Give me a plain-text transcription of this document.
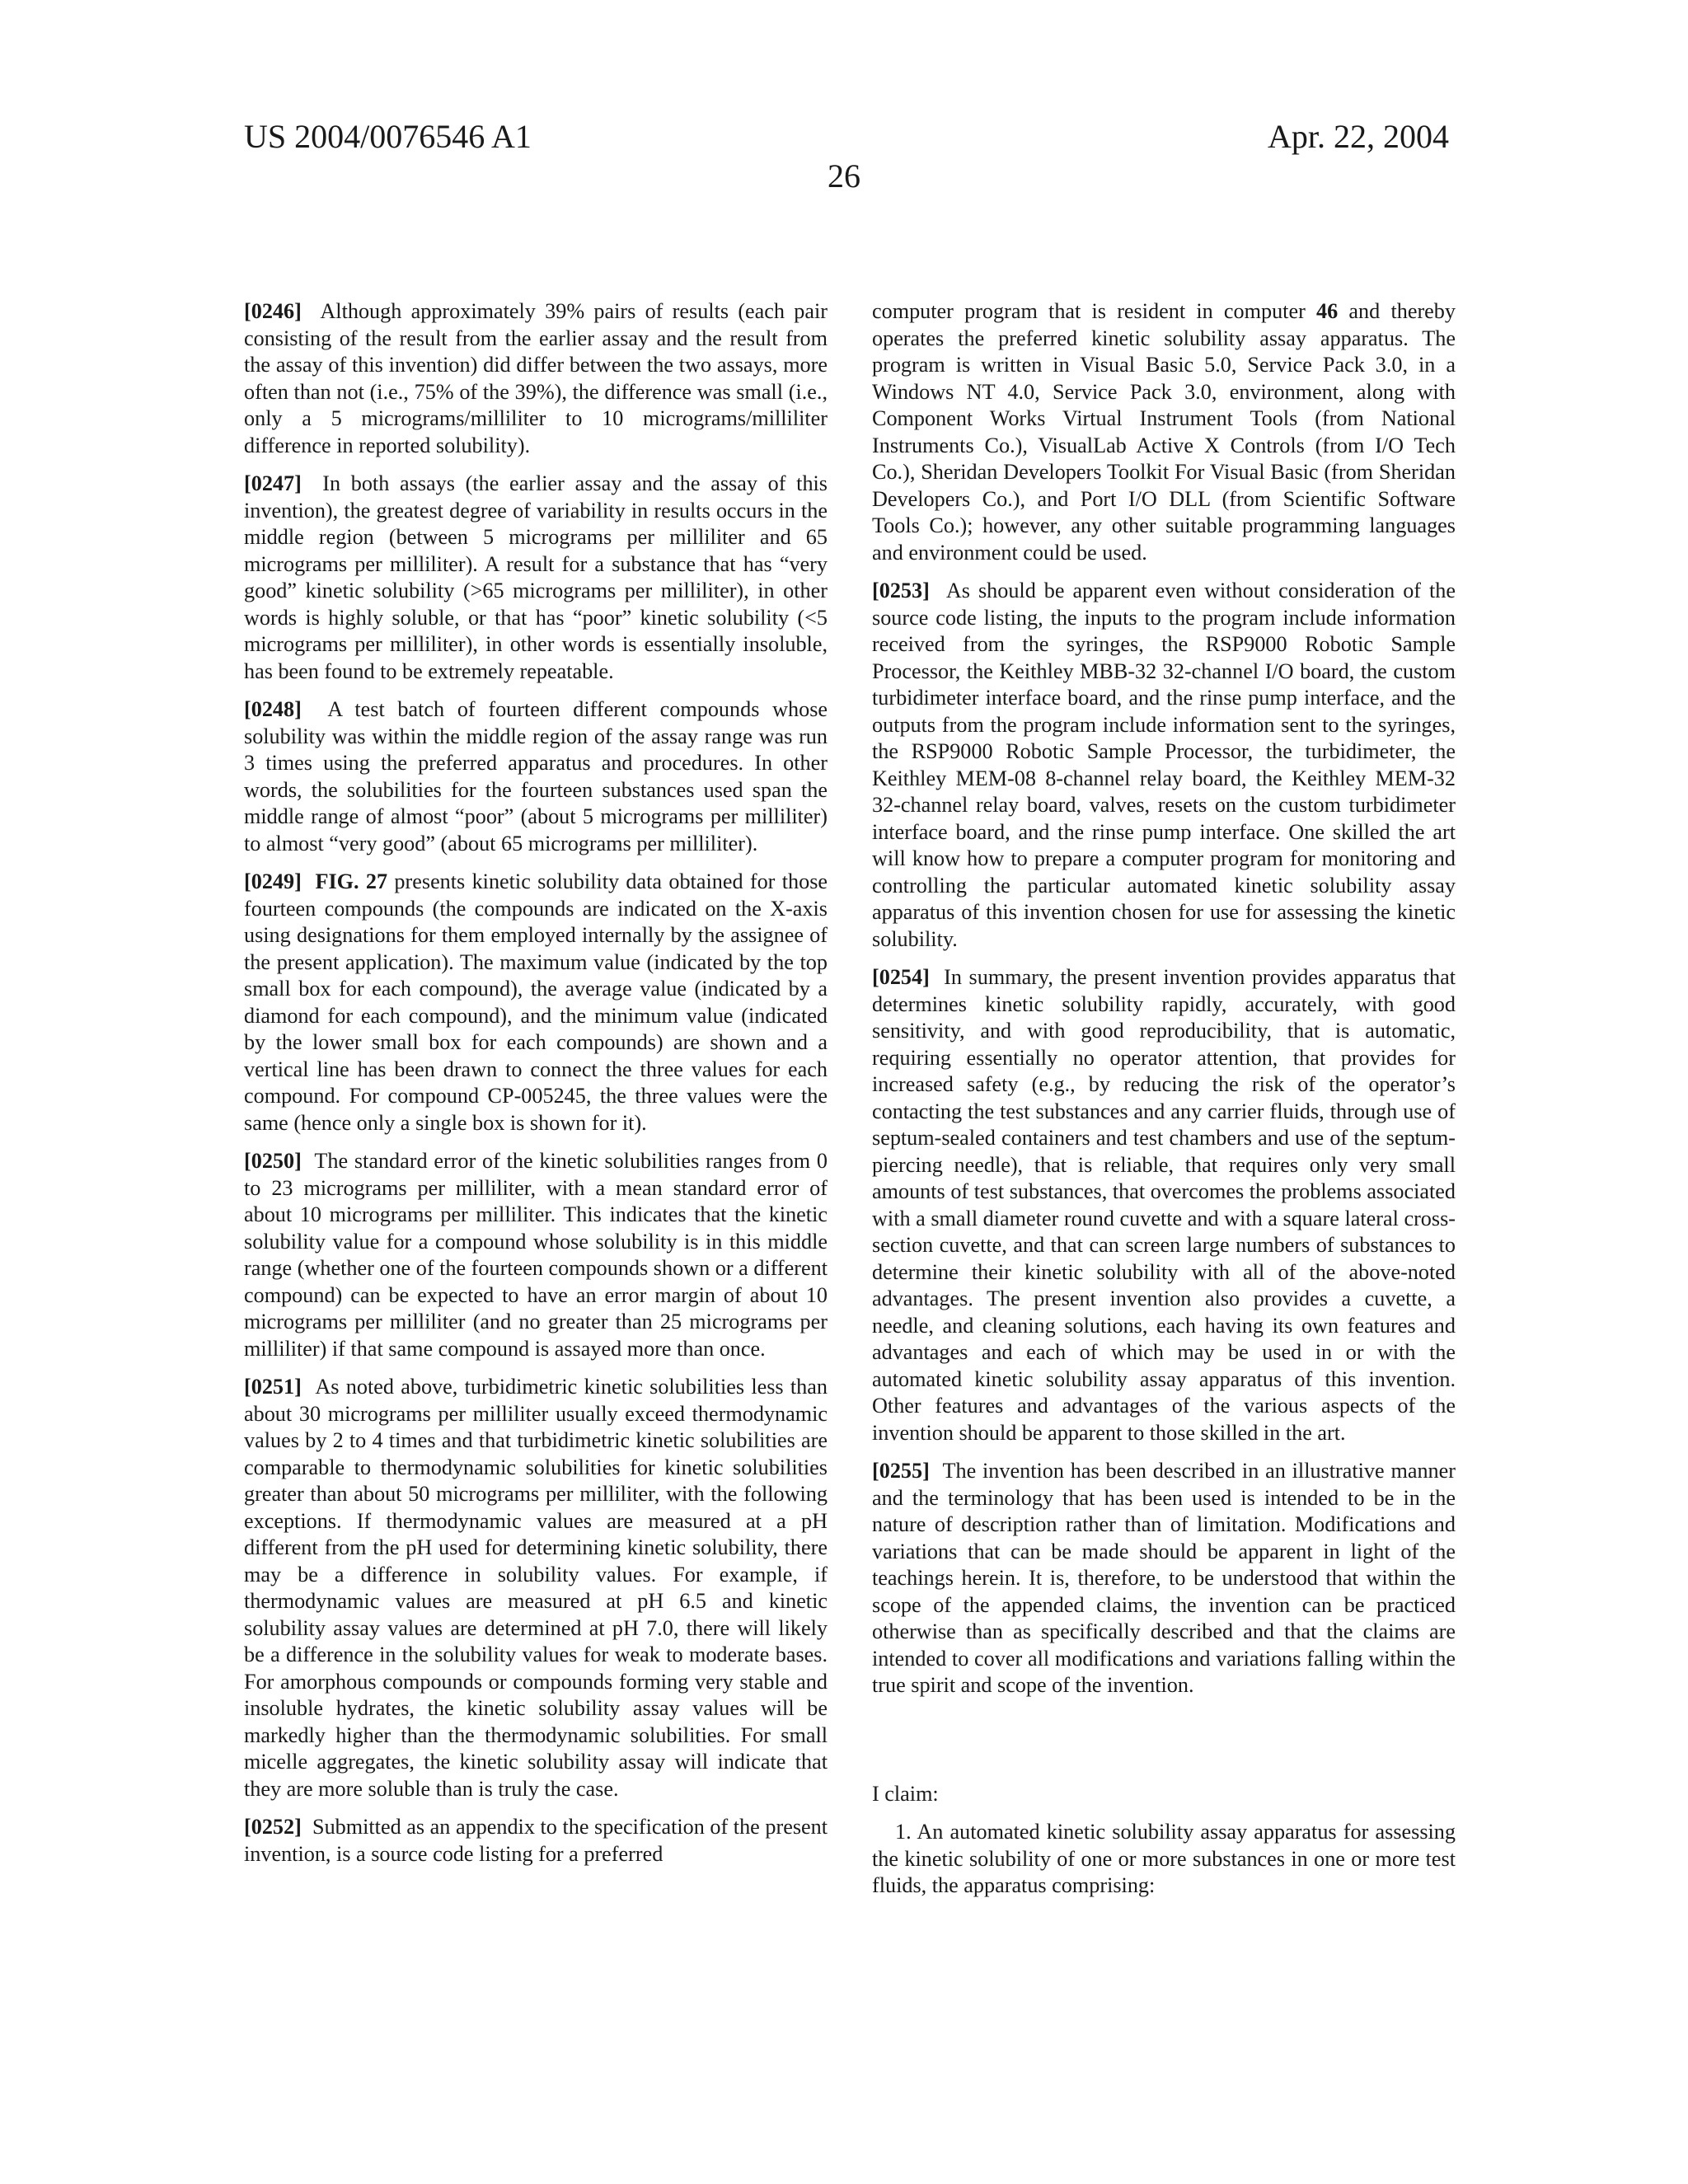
US 2004/0076546 A1	Apr. 22, 2004
26

[0246] Although approximately 39% pairs of results (each pair consisting of the result from the earlier assay and the result from the assay of this invention) did differ between the two assays, more often than not (i.e., 75% of the 39%), the difference was small (i.e., only a 5 micrograms/milliliter to 10 micrograms/milliliter difference in reported solubility).

[0247] In both assays (the earlier assay and the assay of this invention), the greatest degree of variability in results occurs in the middle region (between 5 micrograms per milliliter and 65 micrograms per milliliter). A result for a substance that has “very good” kinetic solubility (>65 micrograms per milliliter), in other words is highly soluble, or that has “poor” kinetic solubility (<5 micrograms per milliliter), in other words is essentially insoluble, has been found to be extremely repeatable.

[0248] A test batch of fourteen different compounds whose solubility was within the middle region of the assay range was run 3 times using the preferred apparatus and procedures. In other words, the solubilities for the fourteen substances used span the middle range of almost “poor” (about 5 micrograms per milliliter) to almost “very good” (about 65 micrograms per milliliter).

[0249] FIG. 27 presents kinetic solubility data obtained for those fourteen compounds (the compounds are indicated on the X-axis using designations for them employed internally by the assignee of the present application). The maximum value (indicated by the top small box for each compound), the average value (indicated by a diamond for each compound), and the minimum value (indicated by the lower small box for each compounds) are shown and a vertical line has been drawn to connect the three values for each compound. For compound CP-005245, the three values were the same (hence only a single box is shown for it).

[0250] The standard error of the kinetic solubilities ranges from 0 to 23 micrograms per milliliter, with a mean standard error of about 10 micrograms per milliliter. This indicates that the kinetic solubility value for a compound whose solubility is in this middle range (whether one of the fourteen compounds shown or a different compound) can be expected to have an error margin of about 10 micrograms per milliliter (and no greater than 25 micrograms per milliliter) if that same compound is assayed more than once.

[0251] As noted above, turbidimetric kinetic solubilities less than about 30 micrograms per milliliter usually exceed thermodynamic values by 2 to 4 times and that turbidimetric kinetic solubilities are comparable to thermodynamic solubilities for kinetic solubilities greater than about 50 micrograms per milliliter, with the following exceptions. If thermodynamic values are measured at a pH different from the pH used for determining kinetic solubility, there may be a difference in solubility values. For example, if thermodynamic values are measured at pH 6.5 and kinetic solubility assay values are determined at pH 7.0, there will likely be a difference in the solubility values for weak to moderate bases. For amorphous compounds or compounds forming very stable and insoluble hydrates, the kinetic solubility assay values will be markedly higher than the thermodynamic solubilities. For small micelle aggregates, the kinetic solubility assay will indicate that they are more soluble than is truly the case.

[0252] Submitted as an appendix to the specification of the present invention, is a source code listing for a preferred

computer program that is resident in computer 46 and thereby operates the preferred kinetic solubility assay apparatus. The program is written in Visual Basic 5.0, Service Pack 3.0, in a Windows NT 4.0, Service Pack 3.0, environment, along with Component Works Virtual Instrument Tools (from National Instruments Co.), VisualLab Active X Controls (from I/O Tech Co.), Sheridan Developers Toolkit For Visual Basic (from Sheridan Developers Co.), and Port I/O DLL (from Scientific Software Tools Co.); however, any other suitable programming languages and environment could be used.

[0253] As should be apparent even without consideration of the source code listing, the inputs to the program include information received from the syringes, the RSP9000 Robotic Sample Processor, the Keithley MBB-32 32-channel I/O board, the custom turbidimeter interface board, and the rinse pump interface, and the outputs from the program include information sent to the syringes, the RSP9000 Robotic Sample Processor, the turbidimeter, the Keithley MEM-08 8-channel relay board, the Keithley MEM-32 32-channel relay board, valves, resets on the custom turbidimeter interface board, and the rinse pump interface. One skilled the art will know how to prepare a computer program for monitoring and controlling the particular automated kinetic solubility assay apparatus of this invention chosen for use for assessing the kinetic solubility.

[0254] In summary, the present invention provides apparatus that determines kinetic solubility rapidly, accurately, with good sensitivity, and with good reproducibility, that is automatic, requiring essentially no operator attention, that provides for increased safety (e.g., by reducing the risk of the operator’s contacting the test substances and any carrier fluids, through use of septum-sealed containers and test chambers and use of the septum-piercing needle), that is reliable, that requires only very small amounts of test substances, that overcomes the problems associated with a small diameter round cuvette and with a square lateral cross-section cuvette, and that can screen large numbers of substances to determine their kinetic solubility with all of the above-noted advantages. The present invention also provides a cuvette, a needle, and cleaning solutions, each having its own features and advantages and each of which may be used in or with the automated kinetic solubility assay apparatus of this invention. Other features and advantages of the various aspects of the invention should be apparent to those skilled in the art.

[0255] The invention has been described in an illustrative manner and the terminology that has been used is intended to be in the nature of description rather than of limitation. Modifications and variations that can be made should be apparent in light of the teachings herein. It is, therefore, to be understood that within the scope of the appended claims, the invention can be practiced otherwise than as specifically described and that the claims are intended to cover all modifications and variations falling within the true spirit and scope of the invention.

I claim:

1. An automated kinetic solubility assay apparatus for assessing the kinetic solubility of one or more substances in one or more test fluids, the apparatus comprising:
